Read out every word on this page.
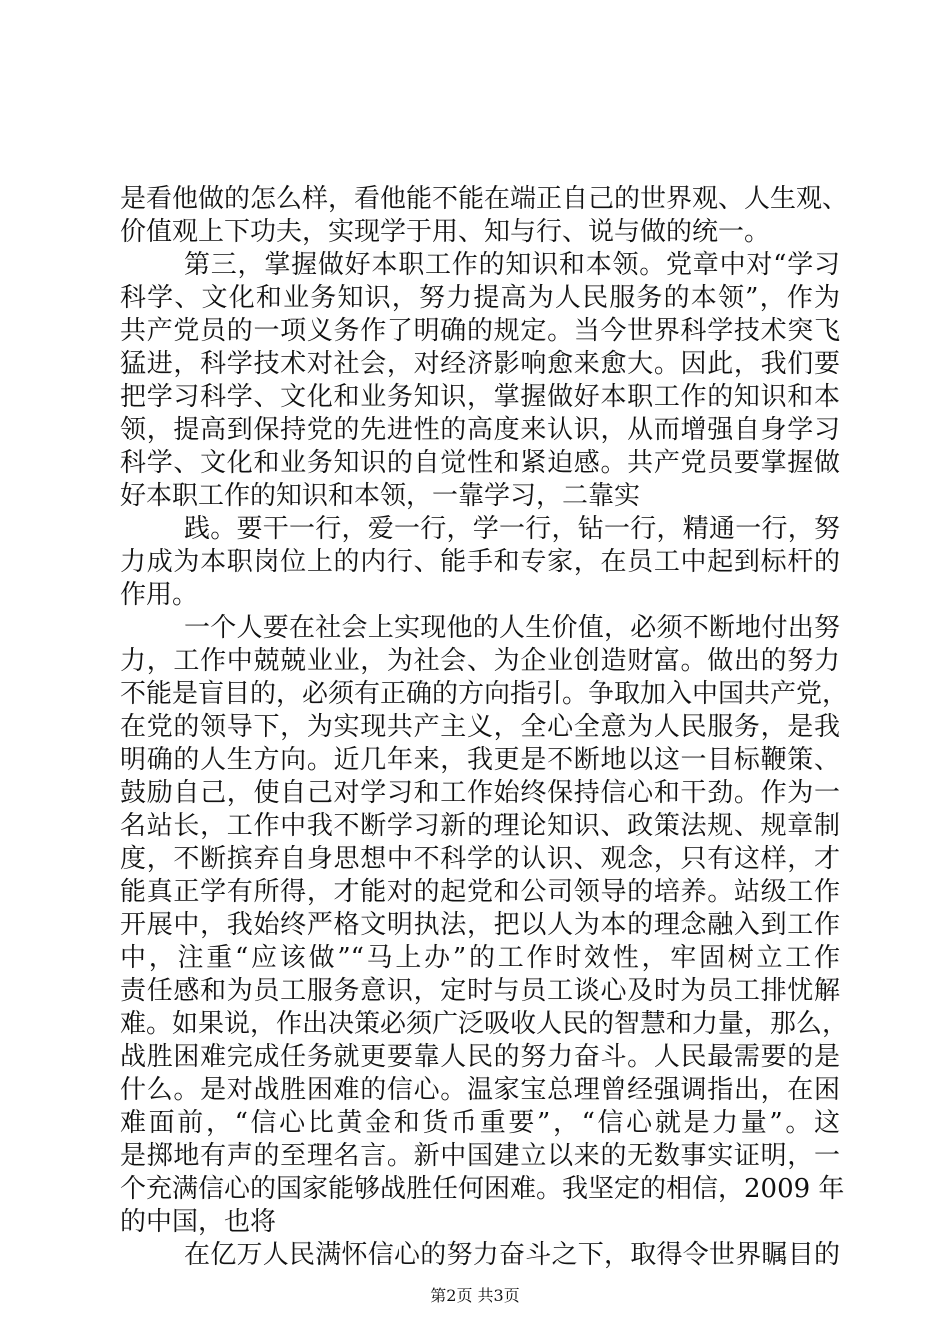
是看他做的怎么样，看他能不能在端正自己的世界观、人生观、
价值观上下功夫，实现学于用、知与行、说与做的统一。
第三，掌握做好本职工作的知识和本领。党章中对“学习
科学、文化和业务知识，努力提高为人民服务的本领”，作为
共产党员的一项义务作了明确的规定。当今世界科学技术突飞
猛进，科学技术对社会，对经济影响愈来愈大。因此，我们要
把学习科学、文化和业务知识，掌握做好本职工作的知识和本
领，提高到保持党的先进性的高度来认识，从而增强自身学习
科学、文化和业务知识的自觉性和紧迫感。共产党员要掌握做
好本职工作的知识和本领，一靠学习，二靠实
践。要干一行，爱一行，学一行，钻一行，精通一行，努
力成为本职岗位上的内行、能手和专家，在员工中起到标杆的
作用。
一个人要在社会上实现他的人生价值，必须不断地付出努
力，工作中兢兢业业，为社会、为企业创造财富。做出的努力
不能是盲目的，必须有正确的方向指引。争取加入中国共产党，
在党的领导下，为实现共产主义，全心全意为人民服务，是我
明确的人生方向。近几年来，我更是不断地以这一目标鞭策、
鼓励自己，使自己对学习和工作始终保持信心和干劲。作为一
名站长，工作中我不断学习新的理论知识、政策法规、规章制
度，不断摈弃自身思想中不科学的认识、观念，只有这样，才
能真正学有所得，才能对的起党和公司领导的培养。站级工作
开展中，我始终严格文明执法，把以人为本的理念融入到工作
中，注重“应该做”“马上办”的工作时效性，牢固树立工作
责任感和为员工服务意识，定时与员工谈心及时为员工排忧解
难。如果说，作出决策必须广泛吸收人民的智慧和力量，那么，
战胜困难完成任务就更要靠人民的努力奋斗。人民最需要的是
什么。是对战胜困难的信心。温家宝总理曾经强调指出，在困
难面前，“信心比黄金和货币重要”，“信心就是力量”。这
是掷地有声的至理名言。新中国建立以来的无数事实证明，一
个充满信心的国家能够战胜任何困难。我坚定的相信，2009 年
的中国，也将
在亿万人民满怀信心的努力奋斗之下，取得令世界瞩目的
第2页 共3页
